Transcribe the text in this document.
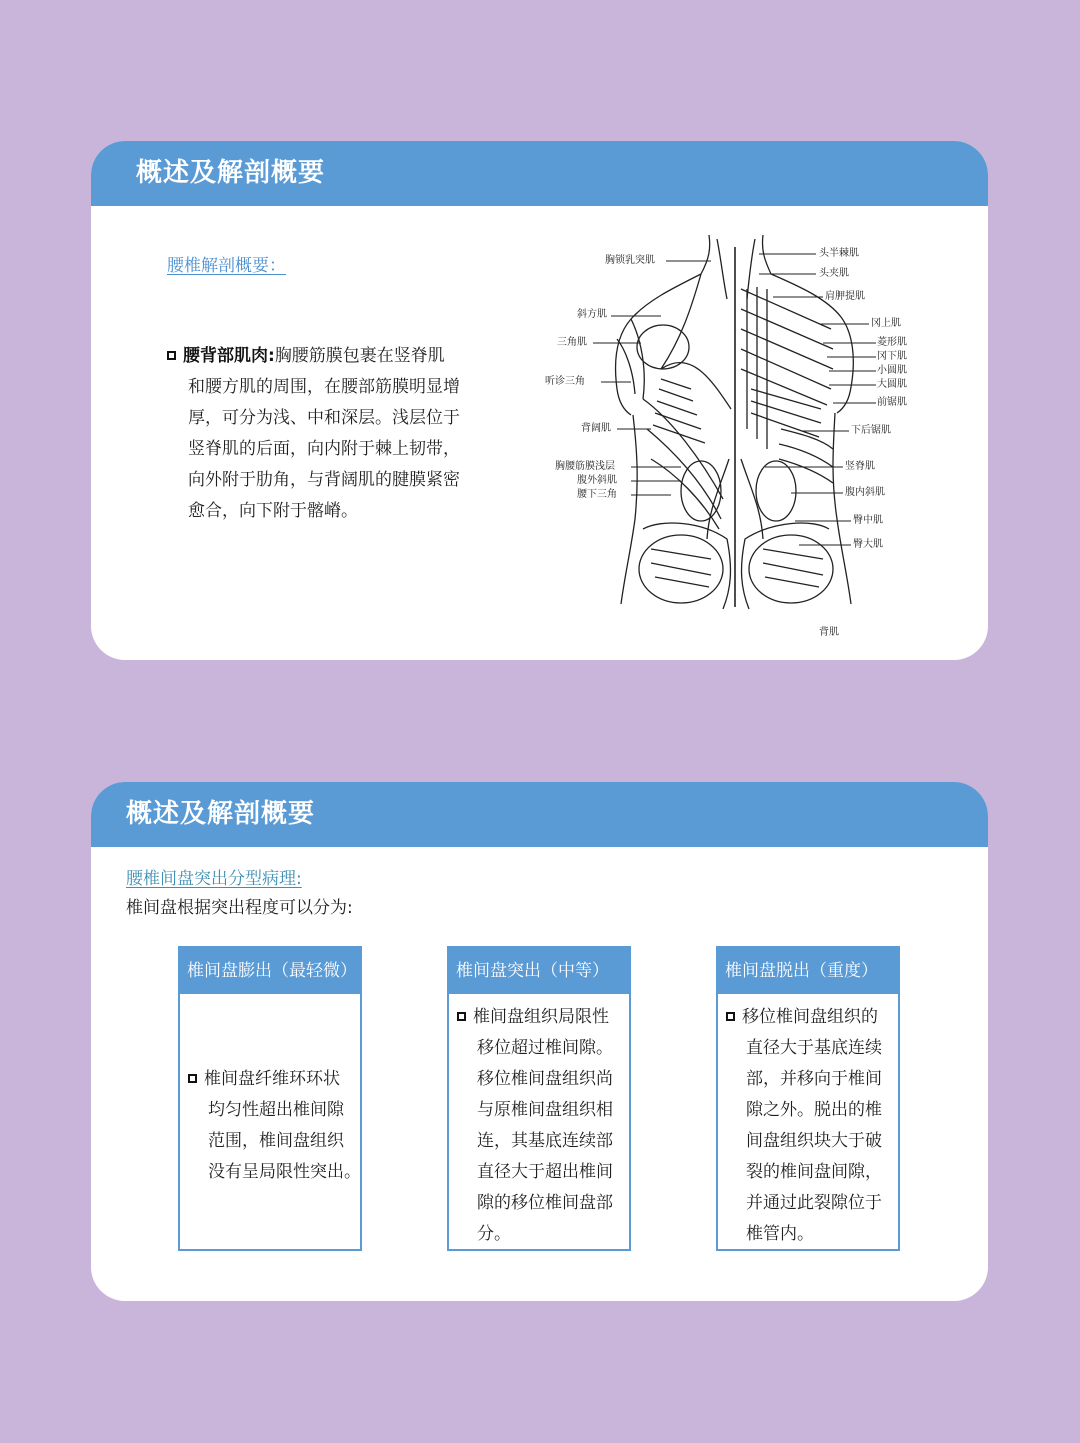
概述及解剖概要
腰椎解剖概要：
腰背部肌肉:胸腰筋膜包裹在竖脊肌
和腰方肌的周围，在腰部筋膜明显增
厚，可分为浅、中和深层。浅层位于
竖脊肌的后面，向内附于棘上韧带，
向外附于肋角，与背阔肌的腱膜紧密
愈合，向下附于髂嵴。
胸锁乳突肌
斜方肌
三角肌
听诊三角
背阔肌
胸腰筋膜浅层
腹外斜肌
腰下三角
头半棘肌
头夹肌
肩胛提肌
冈上肌
菱形肌
冈下肌
小圆肌
大圆肌
前锯肌
下后锯肌
竖脊肌
腹内斜肌
臀中肌
臀大肌
背肌
概述及解剖概要
腰椎间盘突出分型病理:
椎间盘根据突出程度可以分为:
椎间盘膨出（最轻微）
椎间盘纤维环环状
均匀性超出椎间隙
范围，椎间盘组织
没有呈局限性突出。
椎间盘突出（中等）
椎间盘组织局限性
移位超过椎间隙。
移位椎间盘组织尚
与原椎间盘组织相
连，其基底连续部
直径大于超出椎间
隙的移位椎间盘部
分。
椎间盘脱出（重度）
移位椎间盘组织的
直径大于基底连续
部，并移向于椎间
隙之外。脱出的椎
间盘组织块大于破
裂的椎间盘间隙，
并通过此裂隙位于
椎管内。
